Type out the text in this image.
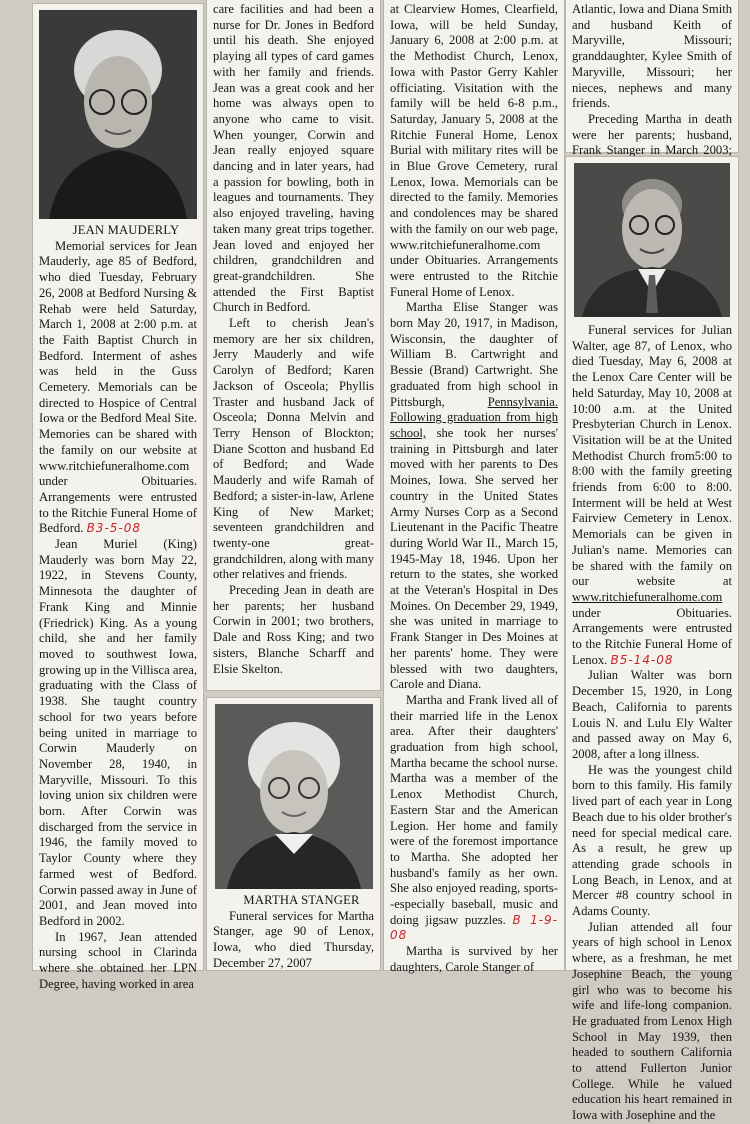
JEAN MAUDERLY

Memorial services for Jean Mauderly, age 85 of Bedford, who died Tuesday, February 26, 2008 at Bedford Nursing & Rehab were held Saturday, March 1, 2008 at 2:00 p.m. at the Faith Baptist Church in Bedford. Interment of ashes was held in the Guss Cemetery. Memorials can be directed to Hospice of Central Iowa or the Bedford Meal Site. Memories can be shared with the family on our website at www.ritchiefuneralhome.com under Obituaries. Arrangements were entrusted to the Ritchie Funeral Home of Bedford. B3-5-08

Jean Muriel (King) Mauderly was born May 22, 1922, in Stevens County, Minnesota the daughter of Frank King and Minnie (Friedrick) King. As a young child, she and her family moved to southwest Iowa, growing up in the Villisca area, graduating with the Class of 1938. She taught country school for two years before being united in marriage to Corwin Mauderly on November 28, 1940, in Maryville, Missouri. To this loving union six children were born. After Corwin was discharged from the service in 1946, the family moved to Taylor County where they farmed west of Bedford. Corwin passed away in June of 2001, and Jean moved into Bedford in 2002.

In 1967, Jean attended nursing school in Clarinda where she obtained her LPN Degree, having worked in area

care facilities and had been a nurse for Dr. Jones in Bedford until his death. She enjoyed playing all types of card games with her family and friends. Jean was a great cook and her home was always open to anyone who came to visit. When younger, Corwin and Jean really enjoyed square dancing and in later years, had a passion for bowling, both in leagues and tournaments. They also enjoyed traveling, having taken many great trips together. Jean loved and enjoyed her children, grandchildren and great-grandchildren. She attended the First Baptist Church in Bedford.

Left to cherish Jean's memory are her six children, Jerry Mauderly and wife Carolyn of Bedford; Karen Jackson of Osceola; Phyllis Traster and husband Jack of Osceola; Donna Melvin and Terry Henson of Blockton; Diane Scotton and husband Ed of Bedford; and Wade Mauderly and wife Ramah of Bedford; a sister-in-law, Arlene King of New Market; seventeen grandchildren and twenty-one great-grandchildren, along with many other relatives and friends.

Preceding Jean in death are her parents; her husband Corwin in 2001; two brothers, Dale and Ross King; and two sisters, Blanche Scharff and Elsie Skelton.

MARTHA STANGER

Funeral services for Martha Stanger, age 90 of Lenox, Iowa, who died Thursday, December 27, 2007

at Clearview Homes, Clearfield, Iowa, will be held Sunday, January 6, 2008 at 2:00 p.m. at the Methodist Church, Lenox, Iowa with Pastor Gerry Kahler officiating. Visitation with the family will be held 6-8 p.m., Saturday, January 5, 2008 at the Ritchie Funeral Home, Lenox Burial with military rites will be in Blue Grove Cemetery, rural Lenox, Iowa. Memorials can be directed to the family. Memories and condolences may be shared with the family on our web page, www.ritchiefuneralhome.com under Obituaries. Arrangements were entrusted to the Ritchie Funeral Home of Lenox.

Martha Elise Stanger was born May 20, 1917, in Madison, Wisconsin, the daughter of William B. Cartwright and Bessie (Brand) Cartwright. She graduated from high school in Pittsburgh, Pennsylvania. Following graduation from high school, she took her nurses' training in Pittsburgh and later moved with her parents to Des Moines, Iowa. She served her country in the United States Army Nurses Corp as a Second Lieutenant in the Pacific Theatre during World War II., March 15, 1945-May 18, 1946. Upon her return to the states, she worked at the Veteran's Hospital in Des Moines. On December 29, 1949, she was united in marriage to Frank Stanger in Des Moines at her parents' home. They were blessed with two daughters, Carole and Diana.

Martha and Frank lived all of their married life in the Lenox area. After their daughters' graduation from high school, Martha became the school nurse. Martha was a member of the Lenox Methodist Church, Eastern Star and the American Legion. Her home and family were of the foremost importance to Martha. She adopted her husband's family as her own. She also enjoyed reading, sports--especially baseball, music and doing jigsaw puzzles. B 1-9-08

Martha is survived by her daughters, Carole Stanger of

Atlantic, Iowa and Diana Smith and husband Keith of Maryville, Missouri; granddaughter, Kylee Smith of Maryville, Missouri; her nieces, nephews and many friends.

Preceding Martha in death were her parents; husband, Frank Stanger in March 2003;

Funeral services for Julian Walter, age 87, of Lenox, who died Tuesday, May 6, 2008 at the Lenox Care Center will be held Saturday, May 10, 2008 at 10:00 a.m. at the United Presbyterian Church in Lenox. Visitation will be at the United Methodist Church from5:00 to 8:00 with the family greeting friends from 6:00 to 8:00. Interment will be held at West Fairview Cemetery in Lenox. Memorials can be given in Julian's name. Memories can be shared with the family on our website at www.ritchiefuneralhome.com under Obituaries. Arrangements were entrusted to the Ritchie Funeral Home of Lenox. B5-14-08

Julian Walter was born December 15, 1920, in Long Beach, California to parents Louis N. and Lulu Ely Walter and passed away on May 6, 2008, after a long illness.

He was the youngest child born to this family. His family lived part of each year in Long Beach due to his older brother's need for special medical care. As a result, he grew up attending grade schools in Long Beach, in Lenox, and at Mercer #8 country school in Adams County.

Julian attended all four years of high school in Lenox where, as a freshman, he met Josephine Beach, the young girl who was to become his wife and life-long companion. He graduated from Lenox High School in May 1939, then headed to southern California to attend Fullerton Junior College. While he valued education his heart remained in Iowa with Josephine and the
